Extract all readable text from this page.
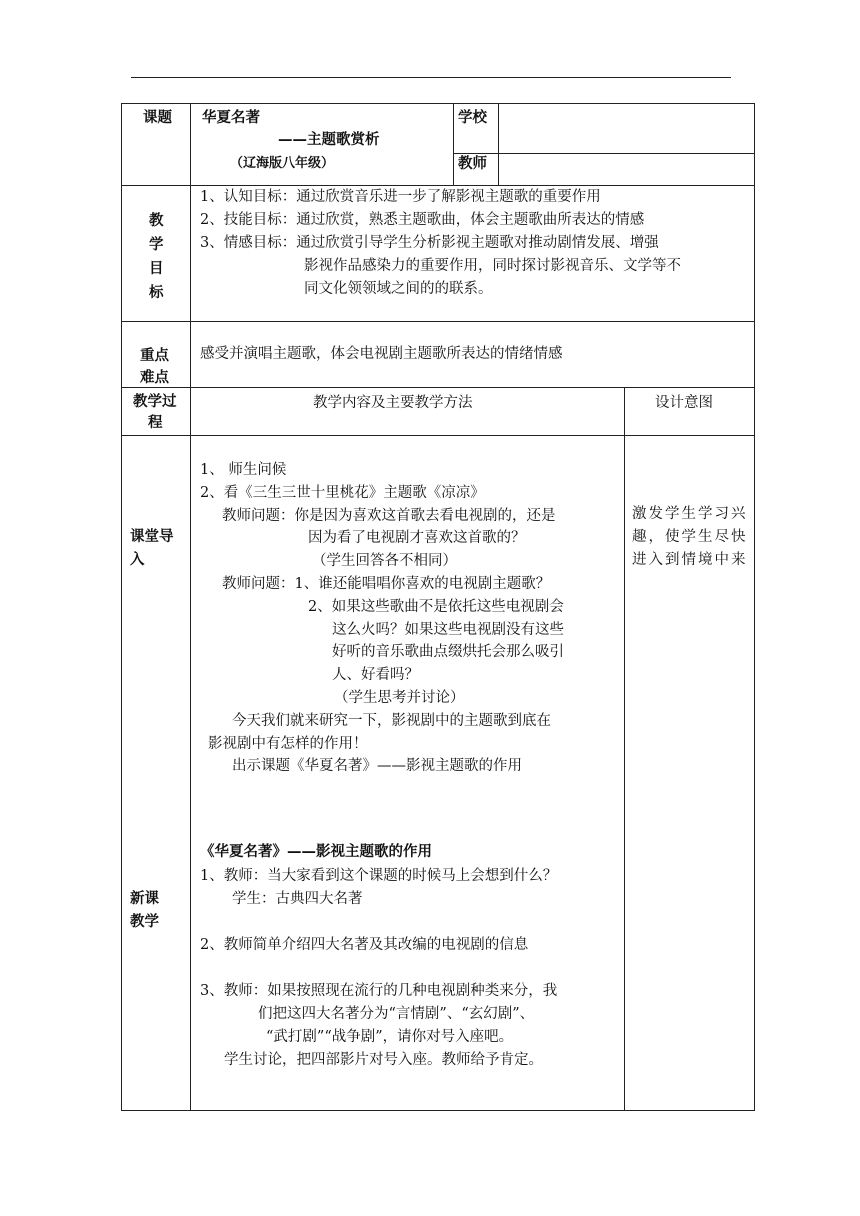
课题 华夏名著
——主题歌赏析
（辽海版八年级）
学校
教师
教
学
目
标
1、认知目标：通过欣赏音乐进一步了解影视主题歌的重要作用
2、技能目标：通过欣赏，熟悉主题歌曲，体会主题歌曲所表达的情感
3、情感目标：通过欣赏引导学生分析影视主题歌对推动剧情发展、增强
影视作品感染力的重要作用，同时探讨影视音乐、文学等不
同文化领领域之间的的联系。
重点
难点
感受并演唱主题歌，体会电视剧主题歌所表达的情绪情感
教学过
程
教学内容及主要教学方法	设计意图
课堂导
入
1、 师生问候
2、看《三生三世十里桃花》主题歌《凉凉》
教师问题：你是因为喜欢这首歌去看电视剧的，还是
因为看了电视剧才喜欢这首歌的？
（学生回答各不相同）
教师问题：1、谁还能唱唱你喜欢的电视剧主题歌？
2、如果这些歌曲不是依托这些电视剧会
这么火吗？如果这些电视剧没有这些
好听的音乐歌曲点缀烘托会那么吸引
人、好看吗？
（学生思考并讨论）
今天我们就来研究一下，影视剧中的主题歌到底在
影视剧中有怎样的作用！
出示课题《华夏名著》——影视主题歌的作用
激发学生学习兴趣，使学生尽快进入到情境中来
新课
教学
《华夏名著》——影视主题歌的作用
1、教师：当大家看到这个课题的时候马上会想到什么？
学生：古典四大名著
2、教师简单介绍四大名著及其改编的电视剧的信息
3、教师：如果按照现在流行的几种电视剧种类来分，我
们把这四大名著分为“言情剧”、“玄幻剧”、
“武打剧”“战争剧”，请你对号入座吧。
学生讨论，把四部影片对号入座。教师给予肯定。
